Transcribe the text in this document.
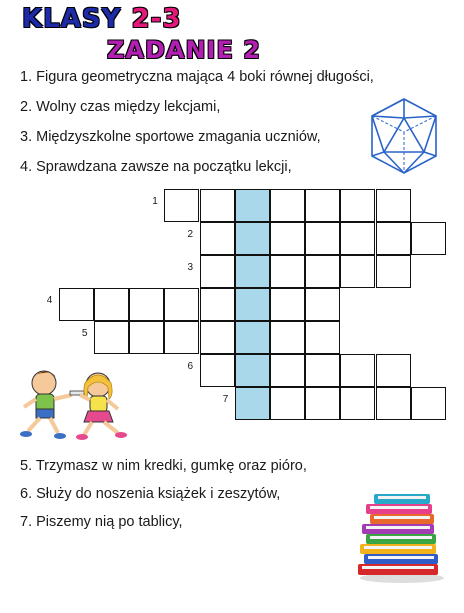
KLASY 2-3
ZADANIE 2
1. Figura geometryczna mająca 4 boki równej długości,
2. Wolny czas między lekcjami,
3. Międzyszkolne sportowe zmagania uczniów,
4. Sprawdzana zawsze na początku lekcji,
1
2
3
4
5
6
7
5. Trzymasz w nim kredki, gumkę oraz pióro,
6. Służy do noszenia książek i zeszytów,
7. Piszemy nią po tablicy,
